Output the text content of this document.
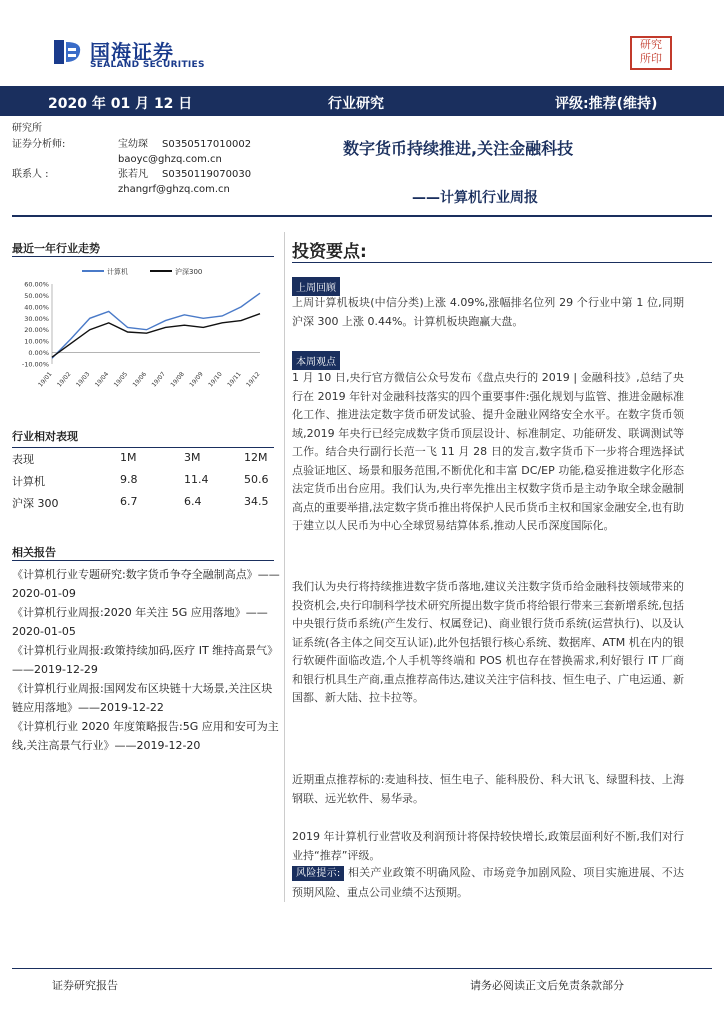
国海证券
SEALAND SECURITIES
研究
所印
2020 年 01 月 12 日	行业研究	评级:推荐(维持)
研究所
证券分析师:	宝幼琛 S0350517010002
baoyc@ghzq.com.cn
联系人 :	张若凡 S0350119070030
zhangrf@ghzq.com.cn
数字货币持续推进,关注金融科技
——计算机行业周报
最近一年行业走势
计算机	沪深300
60.00%
50.00%
40.00%
30.00%
20.00%
10.00%
0.00%
-10.00%
19/01 19/02 19/03 19/04 19/05 19/06 19/07 19/08 19/09 19/10 19/11 19/12
行业相对表现
表现	1M	3M	12M
计算机	9.8	11.4	50.6
沪深 300	6.7	6.4	34.5
相关报告

《计算机行业专题研究:数字货币争夺全融制高点》——2020-01-09

《计算机行业周报:2020 年关注 5G 应用落地》——2020-01-05

《计算机行业周报:政策持续加码,医疗 IT 维持高景气》——2019-12-29

《计算机行业周报:国网发布区块链十大场景,关注区块链应用落地》——2019-12-22

《计算机行业 2020 年度策略报告:5G 应用和安可为主线,关注高景气行业》——2019-12-20

投资要点:
上周回顾

上周计算机板块(中信分类)上涨 4.09%,涨幅排名位列 29 个行业中第 1 位,同期沪深 300 上涨 0.44%。计算机板块跑赢大盘。

本周观点

1 月 10 日,央行官方微信公众号发布《盘点央行的 2019 | 金融科技》,总结了央行在 2019 年针对金融科技落实的四个重要事件:强化规划与监管、推进金融标准化工作、推进法定数字货币研发试验、提升金融业网络安全水平。在数字货币领域,2019 年央行已经完成数字货币顶层设计、标准制定、功能研发、联调测试等工作。结合央行副行长范一飞 11 月 28 日的发言,数字货币下一步将合理选择试点验证地区、场景和服务范围,不断优化和丰富 DC/EP 功能,稳妥推进数字化形态法定货币出台应用。我们认为,央行率先推出主权数字货币是主动争取全球金融制高点的重要举措,法定数字货币推出将保护人民币货币主权和国家金融安全,也有助于建立以人民币为中心全球贸易结算体系,推动人民币深度国际化。

我们认为央行将持续推进数字货币落地,建议关注数字货币给金融科技领域带来的投资机会,央行印制科学技术研究所提出数字货币将给银行带来三套新增系统,包括中央银行货币系统(产生发行、权属登记)、商业银行货币系统(运营执行)、以及认证系统(各主体之间交互认证),此外包括银行核心系统、数据库、ATM 机在内的银行软硬件面临改造,个人手机等终端和 POS 机也存在替换需求,利好银行 IT 厂商和银行机具生产商,重点推荐高伟达,建议关注宇信科技、恒生电子、广电运通、新国都、新大陆、拉卡拉等。

近期重点推荐标的:麦迪科技、恒生电子、能科股份、科大讯飞、绿盟科技、上海钢联、远光软件、易华录。

2019 年计算机行业营收及利润预计将保持较快增长,政策层面利好不断,我们对行业持“推荐”评级。

风险提示: 相关产业政策不明确风险、市场竞争加剧风险、项目实施进展、不达预期风险、重点公司业绩不达预期。

证券研究报告	请务必阅读正文后免责条款部分
